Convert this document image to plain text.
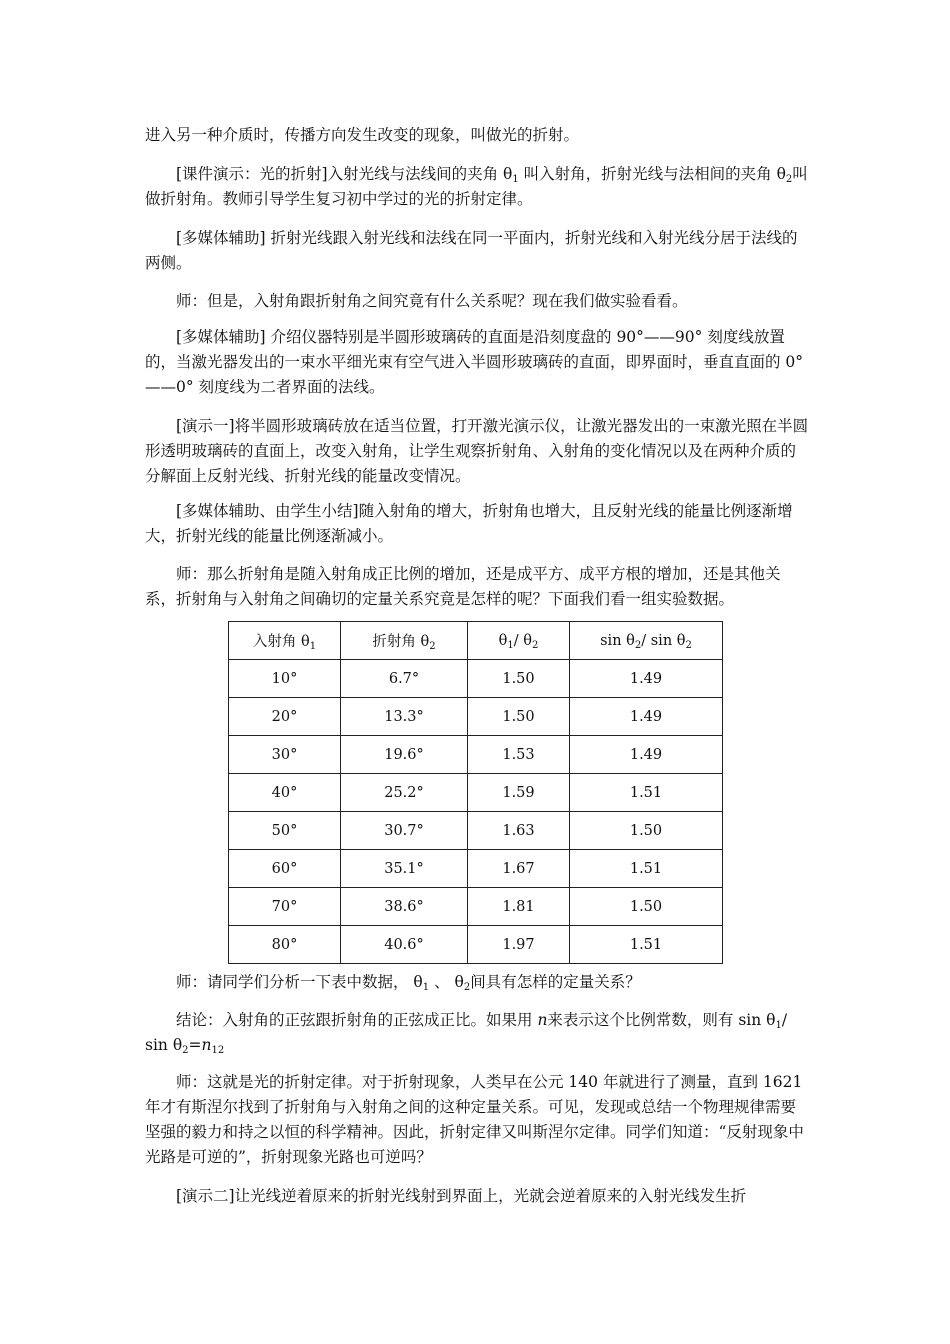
进入另一种介质时，传播方向发生改变的现象，叫做光的折射。

[课件演示：光的折射]入射光线与法线间的夹角 $\theta_1$ 叫入射角，折射光线与法相间的夹角 $\theta_2$叫做折射角。教师引导学生复习初中学过的光的折射定律。

[多媒体辅助] 折射光线跟入射光线和法线在同一平面内，折射光线和入射光线分居于法线的两侧。

师：但是，入射角跟折射角之间究竟有什么关系呢？现在我们做实验看看。

[多媒体辅助] 介绍仪器特别是半圆形玻璃砖的直面是沿刻度盘的 90°——90° 刻度线放置的，当激光器发出的一束水平细光束有空气进入半圆形玻璃砖的直面，即界面时，垂直直面的 0°——0° 刻度线为二者界面的法线。

[演示一]将半圆形玻璃砖放在适当位置，打开激光演示仪，让激光器发出的一束激光照在半圆形透明玻璃砖的直面上，改变入射角，让学生观察折射角、入射角的变化情况以及在两种介质的分解面上反射光线、折射光线的能量改变情况。

[多媒体辅助、由学生小结]随入射角的增大，折射角也增大，且反射光线的能量比例逐渐增大，折射光线的能量比例逐渐减小。

师：那么折射角是随入射角成正比例的增加，还是成平方、成平方根的增加，还是其他关系，折射角与入射角之间确切的定量关系究竟是怎样的呢？下面我们看一组实验数据。

入射角 $\theta_1$	折射角 $\theta_2$	$\theta_1/$ $\theta_2$	$\sin \theta_2/$ $\sin \theta_2$
10°	6.7°	1.50	1.49
20°	13.3°	1.50	1.49
30°	19.6°	1.53	1.49
40°	25.2°	1.59	1.51
50°	30.7°	1.63	1.50
60°	35.1°	1.67	1.51
70°	38.6°	1.81	1.50
80°	40.6°	1.97	1.51

师：请同学们分析一下表中数据， $\theta_1$ 、 $\theta_2$间具有怎样的定量关系？

结论：入射角的正弦跟折射角的正弦成正比。如果用 n来表示这个比例常数，则有 $\sin \theta_1/$ $\sin \theta_2=n_{12}$

师：这就是光的折射定律。对于折射现象，人类早在公元 140 年就进行了测量，直到 1621 年才有斯涅尔找到了折射角与入射角之间的这种定量关系。可见，发现或总结一个物理规律需要坚强的毅力和持之以恒的科学精神。因此，折射定律又叫斯涅尔定律。同学们知道：“反射现象中光路是可逆的”，折射现象光路也可逆吗？

[演示二]让光线逆着原来的折射光线射到界面上，光就会逆着原来的入射光线发生折
